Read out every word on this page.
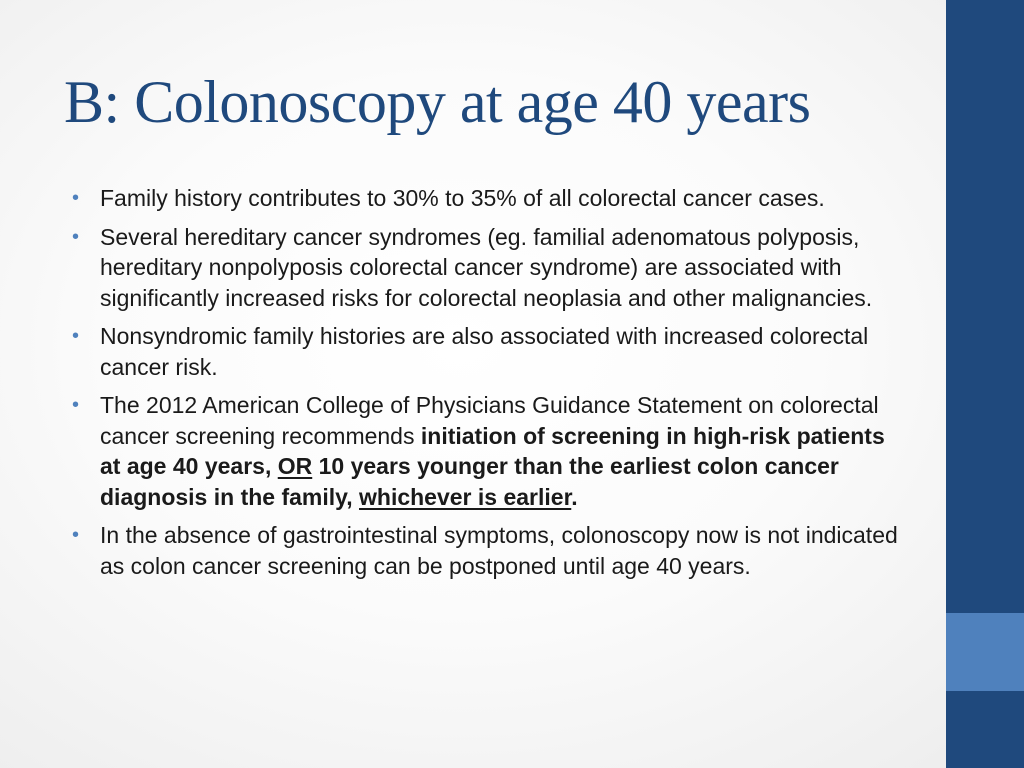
B: Colonoscopy at age 40 years
• Family history contributes to 30% to 35% of all colorectal cancer cases.
• Several hereditary cancer syndromes (eg. familial adenomatous polyposis, hereditary nonpolyposis colorectal cancer syndrome) are associated with significantly increased risks for colorectal neoplasia and other malignancies.
• Nonsyndromic family histories are also associated with increased colorectal cancer risk.
• The 2012 American College of Physicians Guidance Statement on colorectal cancer screening recommends initiation of screening in high-risk patients at age 40 years, OR 10 years younger than the earliest colon cancer diagnosis in the family, whichever is earlier.
• In the absence of gastrointestinal symptoms, colonoscopy now is not indicated as colon cancer screening can be postponed until age 40 years.
